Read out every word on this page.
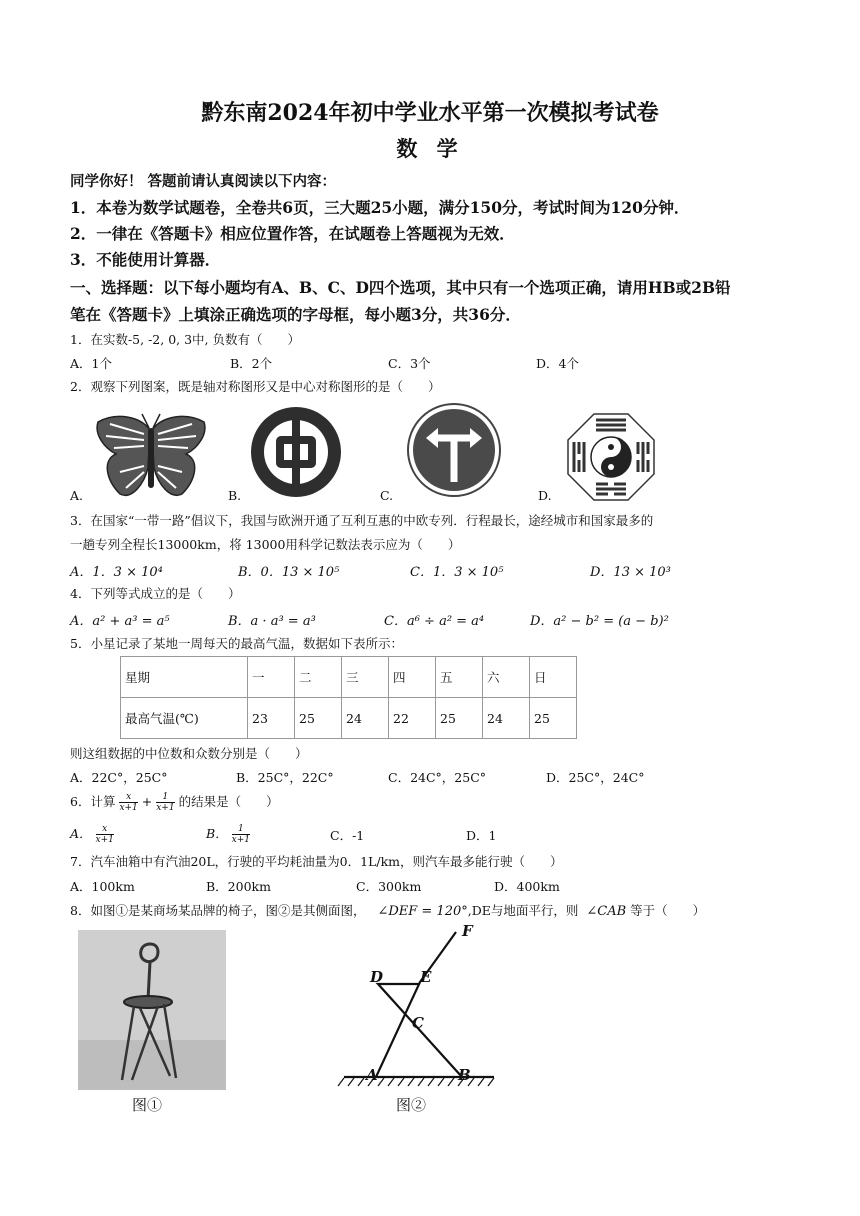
黔东南2024年初中学业水平第一次模拟考试卷
数 学
同学你好！ 答题前请认真阅读以下内容：
1．本卷为数学试题卷，全卷共6页，三大题25小题，满分150分，考试时间为120分钟．
2．一律在《答题卡》相应位置作答，在试题卷上答题视为无效．
3．不能使用计算器．
一、选择题：以下每小题均有A、B、C、D四个选项，其中只有一个选项正确，请用HB或2B铅
笔在《答题卡》上填涂正确选项的字母框，每小题3分，共36分．
1．在实数-5, -2, 0, 3中, 负数有（　　）
A．1个	B．2个	C．3个	D．4个
2．观察下列图案，既是轴对称图形又是中心对称图形的是（　　）
A.	B.	C.	D.
3．在国家“一带一路”倡议下，我国与欧洲开通了互利互惠的中欧专列．行程最长，途经城市和国家最多的
一趟专列全程长13000km，将 13000用科学记数法表示应为（　　）
A．1．3 × 10⁴	B．0．13 × 10⁵	C．1．3 × 10⁵	D．13 × 10³
4．下列等式成立的是（　　）
A．a² + a³ = a⁵	B．a · a³ = a³	C．a⁶ ÷ a² = a⁴	D．a² − b² = (a − b)²
5．小星记录了某地一周每天的最高气温，数据如下表所示：
星期	一	二	三	四	五	六	日
最高气温(℃)	23	25	24	22	25	24	25
则这组数据的中位数和众数分别是（　　）
A．22C°，25C°	B．25C°，22C°	C．24C°，25C°	D．25C°，24C°
6．计算 $\frac{x}{x+1} + \frac{1}{x+1}$ 的结果是（　　）
A． $\frac{x}{x+1}$	B． $\frac{1}{x+1}$	C．-1	D．1
7．汽车油箱中有汽油20L，行驶的平均耗油量为0．1L/km，则汽车最多能行驶（　　）
A．100km	B．200km	C．300km	D．400km
8．如图①是某商场某品牌的椅子，图②是其侧面图， ∠DEF = 120°,DE与地面平行，则 ∠CAB 等于（　　）
图①
F
D E
C
A	B
图②
